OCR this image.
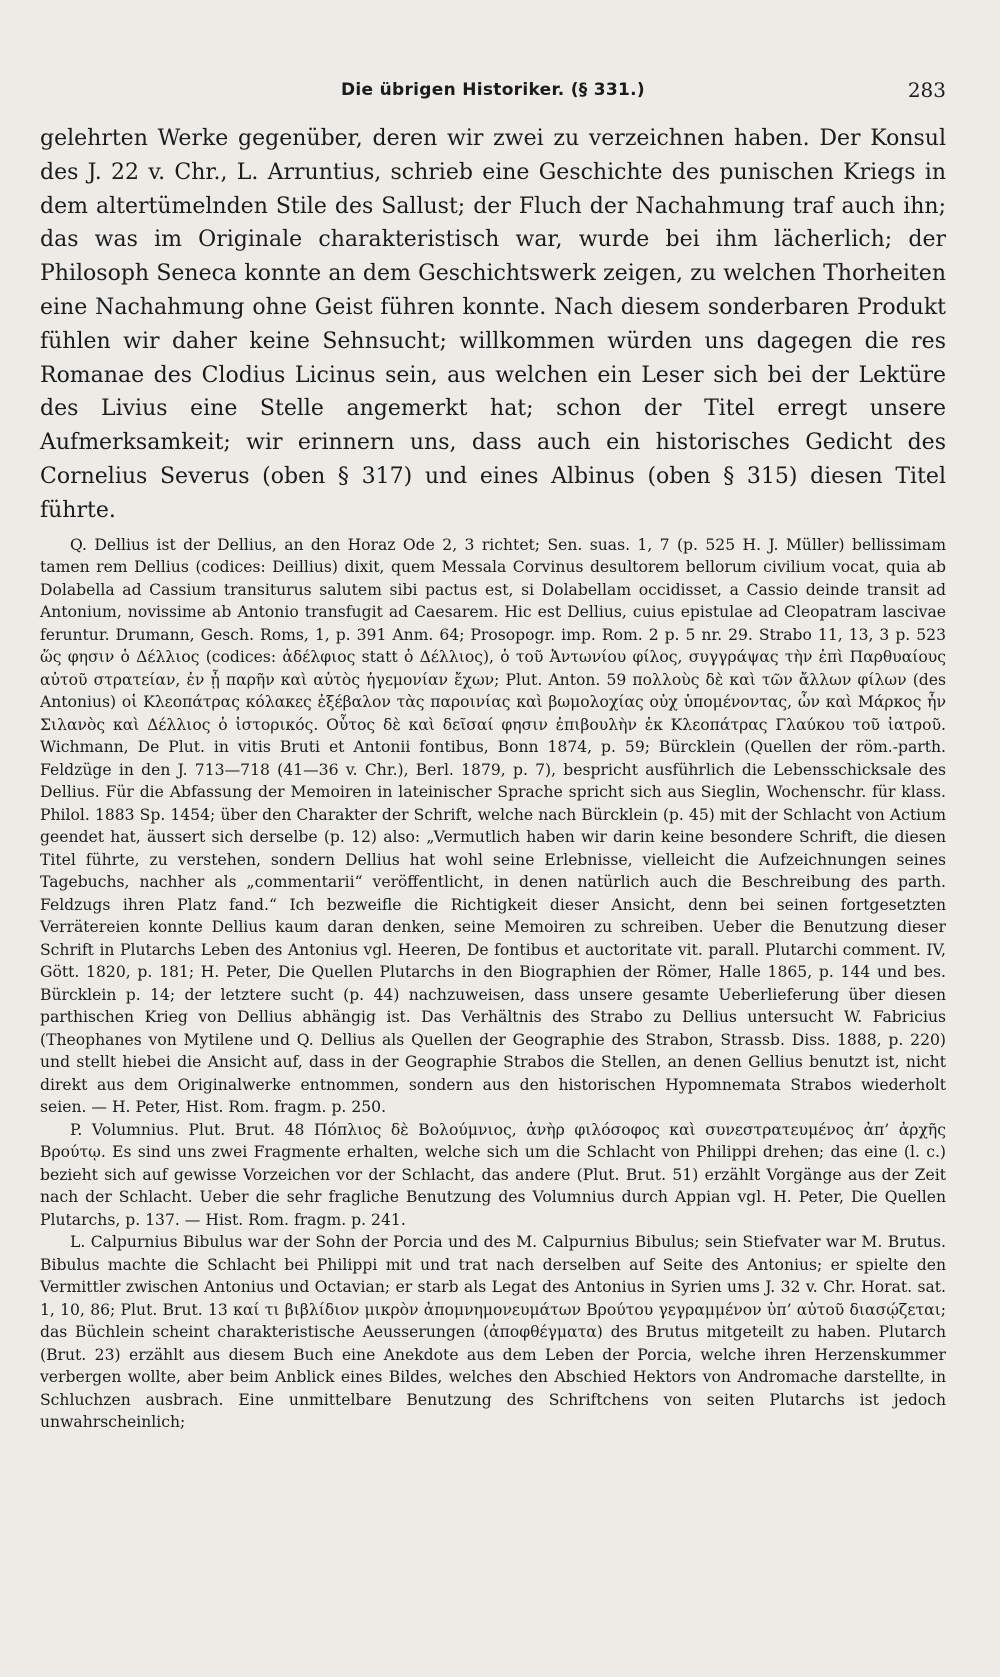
Die übrigen Historiker. (§ 331.)	283

gelehrten Werke gegenüber, deren wir zwei zu verzeichnen haben. Der Konsul des J. 22 v. Chr., L. Arruntius, schrieb eine Geschichte des punischen Kriegs in dem altertümelnden Stile des Sallust; der Fluch der Nachahmung traf auch ihn; das was im Originale charakteristisch war, wurde bei ihm lächerlich; der Philosoph Seneca konnte an dem Geschichtswerk zeigen, zu welchen Thorheiten eine Nachahmung ohne Geist führen konnte. Nach diesem sonderbaren Produkt fühlen wir daher keine Sehnsucht; willkommen würden uns dagegen die res Romanae des Clodius Licinus sein, aus welchen ein Leser sich bei der Lektüre des Livius eine Stelle angemerkt hat; schon der Titel erregt unsere Aufmerksamkeit; wir erinnern uns, dass auch ein historisches Gedicht des Cornelius Severus (oben § 317) und eines Albinus (oben § 315) diesen Titel führte.

Q. Dellius ist der Dellius, an den Horaz Ode 2, 3 richtet; Sen. suas. 1, 7 (p. 525 H. J. Müller) bellissimam tamen rem Dellius (codices: Deillius) dixit, quem Messala Corvinus desultorem bellorum civilium vocat, quia ab Dolabella ad Cassium transiturus salutem sibi pactus est, si Dolabellam occidisset, a Cassio deinde transit ad Antonium, novissime ab Antonio transfugit ad Caesarem. Hic est Dellius, cuius epistulae ad Cleopatram lascivae feruntur. Drumann, Gesch. Roms, 1, p. 391 Anm. 64; Prosopogr. imp. Rom. 2 p. 5 nr. 29. Strabo 11, 13, 3 p. 523 ὥς φησιν ὁ Δέλλιος (codices: ἀδέλφιος statt ὁ Δέλλιος), ὁ τοῦ Ἀντωνίου φίλος, συγγράψας τὴν ἐπὶ Παρθυαίους αὐτοῦ στρατείαν, ἐν ᾗ παρῆν καὶ αὐτὸς ἡγεμονίαν ἔχων; Plut. Anton. 59 πολλοὺς δὲ καὶ τῶν ἄλλων φίλων (des Antonius) οἱ Κλεοπάτρας κόλακες ἐξέβαλον τὰς παροινίας καὶ βωμολοχίας οὐχ ὑπομένοντας, ὧν καὶ Μάρκος ἦν Σιλανὸς καὶ Δέλλιος ὁ ἱστορικός. Οὗτος δὲ καὶ δεῖσαί φησιν ἐπιβουλὴν ἐκ Κλεοπάτρας Γλαύκου τοῦ ἰατροῦ. Wichmann, De Plut. in vitis Bruti et Antonii fontibus, Bonn 1874, p. 59; Bürcklein (Quellen der röm.-parth. Feldzüge in den J. 713—718 (41—36 v. Chr.), Berl. 1879, p. 7), bespricht ausführlich die Lebensschicksale des Dellius. Für die Abfassung der Memoiren in lateinischer Sprache spricht sich aus Sieglin, Wochenschr. für klass. Philol. 1883 Sp. 1454; über den Charakter der Schrift, welche nach Bürcklein (p. 45) mit der Schlacht von Actium geendet hat, äussert sich derselbe (p. 12) also: „Vermutlich haben wir darin keine besondere Schrift, die diesen Titel führte, zu verstehen, sondern Dellius hat wohl seine Erlebnisse, vielleicht die Aufzeichnungen seines Tagebuchs, nachher als „commentarii“ veröffentlicht, in denen natürlich auch die Beschreibung des parth. Feldzugs ihren Platz fand.“ Ich bezweifle die Richtigkeit dieser Ansicht, denn bei seinen fortgesetzten Verrätereien konnte Dellius kaum daran denken, seine Memoiren zu schreiben. Ueber die Benutzung dieser Schrift in Plutarchs Leben des Antonius vgl. Heeren, De fontibus et auctoritate vit. parall. Plutarchi comment. IV, Gött. 1820, p. 181; H. Peter, Die Quellen Plutarchs in den Biographien der Römer, Halle 1865, p. 144 und bes. Bürcklein p. 14; der letztere sucht (p. 44) nachzuweisen, dass unsere gesamte Ueberlieferung über diesen parthischen Krieg von Dellius abhängig ist. Das Verhältnis des Strabo zu Dellius untersucht W. Fabricius (Theophanes von Mytilene und Q. Dellius als Quellen der Geographie des Strabon, Strassb. Diss. 1888, p. 220) und stellt hiebei die Ansicht auf, dass in der Geographie Strabos die Stellen, an denen Gellius benutzt ist, nicht direkt aus dem Originalwerke entnommen, sondern aus den historischen Hypomnemata Strabos wiederholt seien. — H. Peter, Hist. Rom. fragm. p. 250.

P. Volumnius. Plut. Brut. 48 Πόπλιος δὲ Βολούμνιος, ἀνὴρ φιλόσοφος καὶ συνεστρατευμένος ἀπ’ ἀρχῆς Βρούτῳ. Es sind uns zwei Fragmente erhalten, welche sich um die Schlacht von Philippi drehen; das eine (l. c.) bezieht sich auf gewisse Vorzeichen vor der Schlacht, das andere (Plut. Brut. 51) erzählt Vorgänge aus der Zeit nach der Schlacht. Ueber die sehr fragliche Benutzung des Volumnius durch Appian vgl. H. Peter, Die Quellen Plutarchs, p. 137. — Hist. Rom. fragm. p. 241.

L. Calpurnius Bibulus war der Sohn der Porcia und des M. Calpurnius Bibulus; sein Stiefvater war M. Brutus. Bibulus machte die Schlacht bei Philippi mit und trat nach derselben auf Seite des Antonius; er spielte den Vermittler zwischen Antonius und Octavian; er starb als Legat des Antonius in Syrien ums J. 32 v. Chr. Horat. sat. 1, 10, 86; Plut. Brut. 13 καί τι βιβλίδιον μικρὸν ἀπομνημονευμάτων Βρούτου γεγραμμένον ὑπ’ αὐτοῦ διασῴζεται; das Büchlein scheint charakteristische Aeusserungen (ἀποφθέγματα) des Brutus mitgeteilt zu haben. Plutarch (Brut. 23) erzählt aus diesem Buch eine Anekdote aus dem Leben der Porcia, welche ihren Herzenskummer verbergen wollte, aber beim Anblick eines Bildes, welches den Abschied Hektors von Andromache darstellte, in Schluchzen ausbrach. Eine unmittelbare Benutzung des Schriftchens von seiten Plutarchs ist jedoch unwahrscheinlich;
